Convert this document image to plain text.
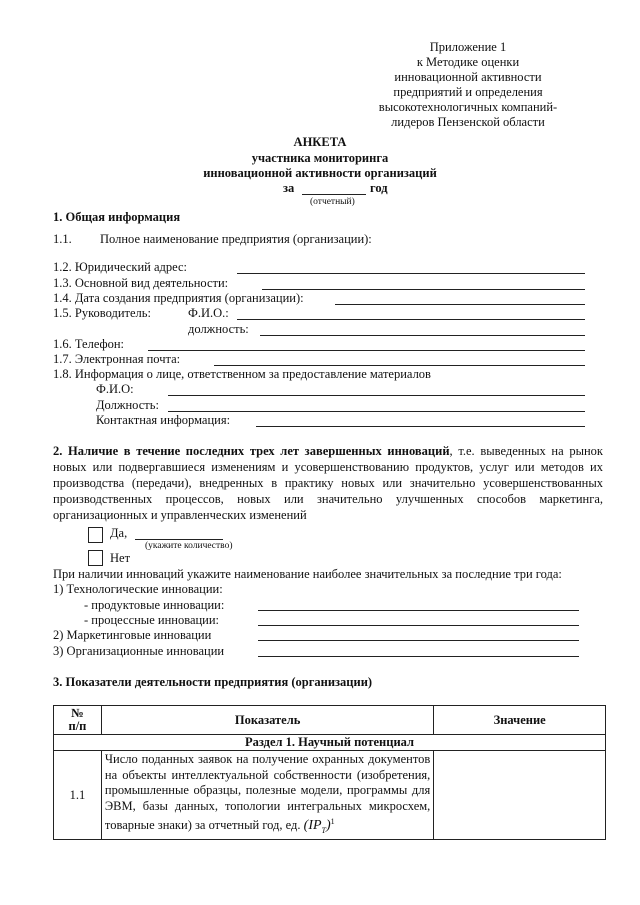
Приложение 1
к Методике оценки
инновационной активности
предприятий и определения
высокотехнологичных компаний-
лидеров Пензенской области
АНКЕТА
участника мониторинга
инновационной активности организаций
за	год
(отчетный)
1. Общая информация
1.1. Полное наименование предприятия (организации):
1.2. Юридический адрес:
1.3. Основной вид деятельности:
1.4. Дата создания предприятия (организации):
1.5. Руководитель:	Ф.И.О.:
должность:
1.6. Телефон:
1.7. Электронная почта:
1.8. Информация о лице, ответственном за предоставление материалов
Ф.И.О:
Должность:
Контактная информация:
2. Наличие в течение последних трех лет завершенных инноваций, т.е. выведенных на рынок новых или подвергавшиеся изменениям и усовершенствованию продуктов, услуг или методов их производства (передачи), внедренных в практику новых или значительно усовершенствованных производственных процессов, новых или значительно улучшенных способов маркетинга, организационных и управленческих изменений
Да,
(укажите количество)
Нет
При наличии инноваций укажите наименование наиболее значительных за последние три года:
1) Технологические инновации:
- продуктовые инновации:
- процессные инновации:
2) Маркетинговые инновации
3) Организационные инновации
3. Показатели деятельности предприятия (организации)
№
п/п	Показатель	Значение
Раздел 1. Научный потенциал		
1.1	Число поданных заявок на получение охранных документов на объекты интеллектуальной собственности (изобретения, промышленные образцы, полезные модели, программы для ЭВМ, базы данных, топологии интегральных микросхем, товарные знаки) за отчетный год, ед. $(IP_T)^1$	
